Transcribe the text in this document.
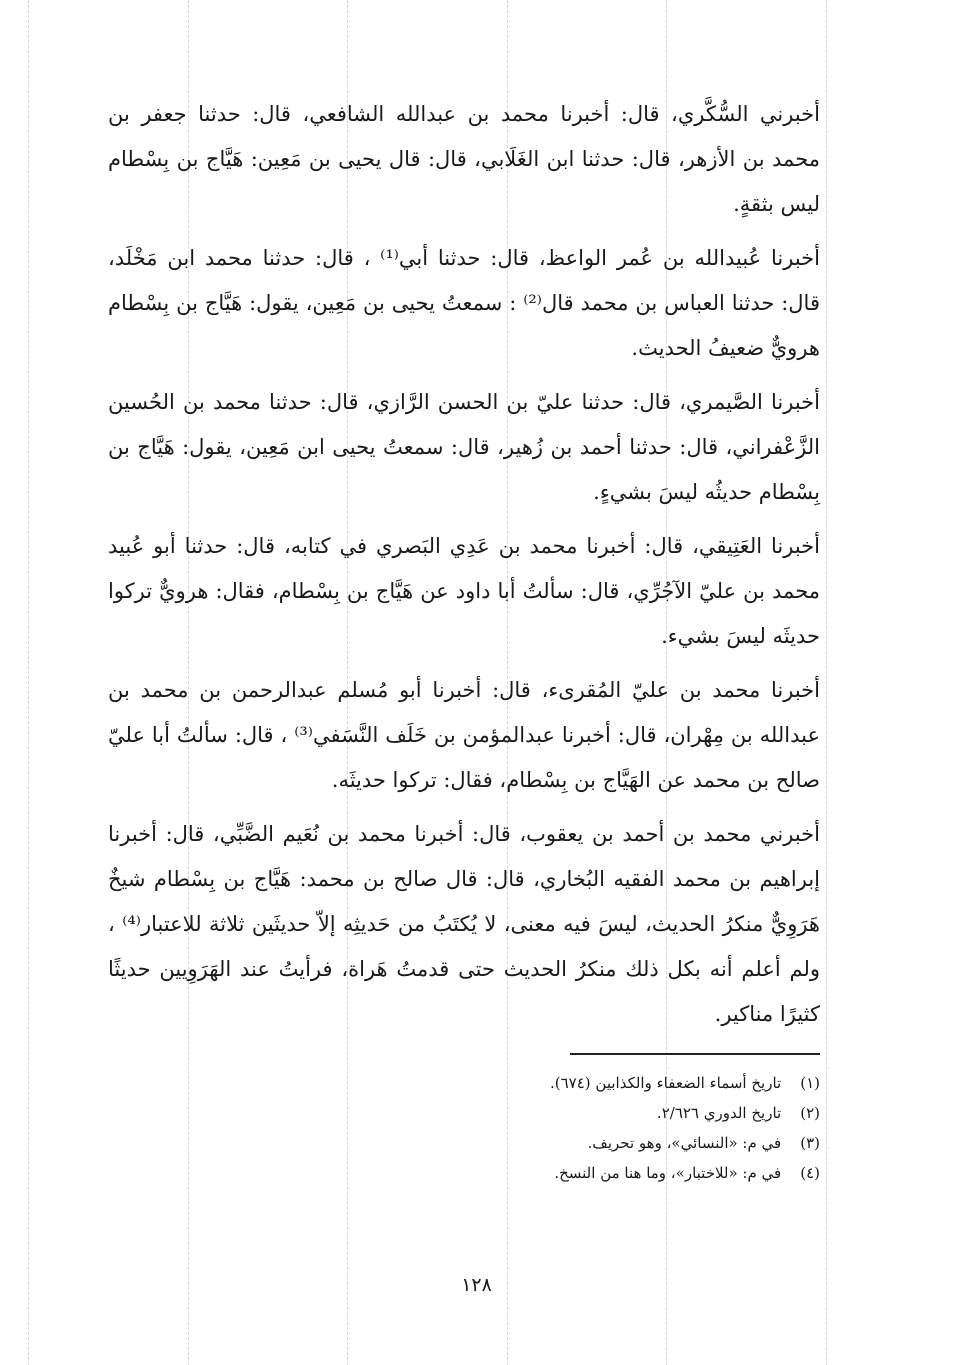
أخبرني السُّكَّري، قال: أخبرنا محمد بن عبدالله الشافعي، قال: حدثنا جعفر بن محمد بن الأزهر، قال: حدثنا ابن الغَلَابي، قال: قال يحيى بن مَعِين: هَيَّاج بن بِسْطام ليس بثقةٍ.

أخبرنا عُبيدالله بن عُمر الواعظ، قال: حدثنا أبي⁽¹⁾ ، قال: حدثنا محمد ابن مَخْلَد، قال: حدثنا العباس بن محمد قال⁽²⁾ : سمعتُ يحيى بن مَعِين، يقول: هَيَّاج بن بِسْطام هرويٌّ ضعيفُ الحديث.

أخبرنا الصَّيمري، قال: حدثنا عليّ بن الحسن الرَّازي، قال: حدثنا محمد بن الحُسين الزَّعْفراني، قال: حدثنا أحمد بن زُهير، قال: سمعتُ يحيى ابن مَعِين، يقول: هَيَّاج بن بِسْطام حديثُه ليسَ بشيءٍ.

أخبرنا العَتِيقي، قال: أخبرنا محمد بن عَدِي البَصري في كتابه، قال: حدثنا أبو عُبيد محمد بن عليّ الآجُرِّي، قال: سألتُ أبا داود عن هَيَّاج بن بِسْطام، فقال: هرويٌّ تركوا حديثَه ليسَ بشيء.

أخبرنا محمد بن عليّ المُقرىء، قال: أخبرنا أبو مُسلم عبدالرحمن بن محمد بن عبدالله بن مِهْران، قال: أخبرنا عبدالمؤمن بن خَلَف النَّسَفي⁽³⁾ ، قال: سألتُ أبا عليّ صالح بن محمد عن الهَيَّاج بن بِسْطام، فقال: تركوا حديثَه.

أخبرني محمد بن أحمد بن يعقوب، قال: أخبرنا محمد بن نُعَيم الضَّبِّي، قال: أخبرنا إبراهيم بن محمد الفقيه البُخاري، قال: قال صالح بن محمد: هَيَّاج بن بِسْطام شيخٌ هَرَوِيٌّ منكرُ الحديث، ليسَ فيه معنى، لا يُكتَبُ من حَديثِه إلاّ حديثَين ثلاثة للاعتبار⁽⁴⁾ ، ولم أعلم أنه بكل ذلك منكرُ الحديث حتى قدمتُ هَراة، فرأيتُ عند الهَرَوِيين حديثًا كثيرًا مناكير.

(١) تاريخ أسماء الضعفاء والكذابين (٦٧٤).
(٢) تاريخ الدوري ٢/٦٢٦.
(٣) في م: «النسائي»، وهو تحريف.
(٤) في م: «للاختبار»، وما هنا من النسخ.
١٢٨
